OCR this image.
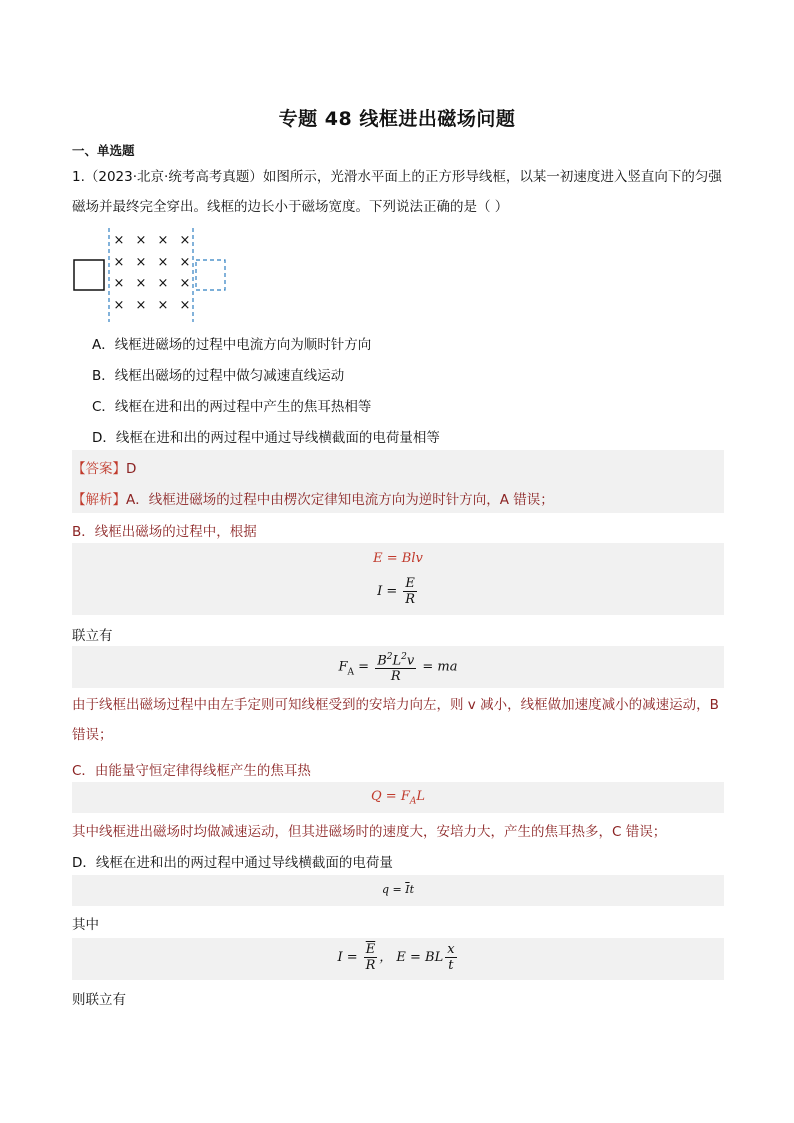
专题 48 线框进出磁场问题
一、单选题
1.（2023·北京·统考高考真题）如图所示，光滑水平面上的正方形导线框，以某一初速度进入竖直向下的匀强磁场并最终完全穿出。线框的边长小于磁场宽度。下列说法正确的是（ ）
× × × ×
× × × ×
× × × ×
× × × ×
A．线框进磁场的过程中电流方向为顺时针方向
B．线框出磁场的过程中做匀减速直线运动
C．线框在进和出的两过程中产生的焦耳热相等
D．线框在进和出的两过程中通过导线横截面的电荷量相等
【答案】D
【解析】A．线框进磁场的过程中由楞次定律知电流方向为逆时针方向，A 错误；
B．线框出磁场的过程中，根据
E = Blv
$I = \frac{E}{R}$
联立有
$F_A = \frac{B^2L^2v}{R}$ = ma
由于线框出磁场过程中由左手定则可知线框受到的安培力向左，则 v 减小，线框做加速度减小的减速运动，B 错误；
C．由能量守恒定律得线框产生的焦耳热
$Q = F_AL$
其中线框进出磁场时均做减速运动，但其进磁场时的速度大，安培力大，产生的焦耳热多，C 错误；
D．线框在进和出的两过程中通过导线横截面的电荷量
$q = \overline{I}t$
其中
$I = \frac{\overline{E}}{R}$ ， E = BL $\frac{x}{t}$
则联立有
